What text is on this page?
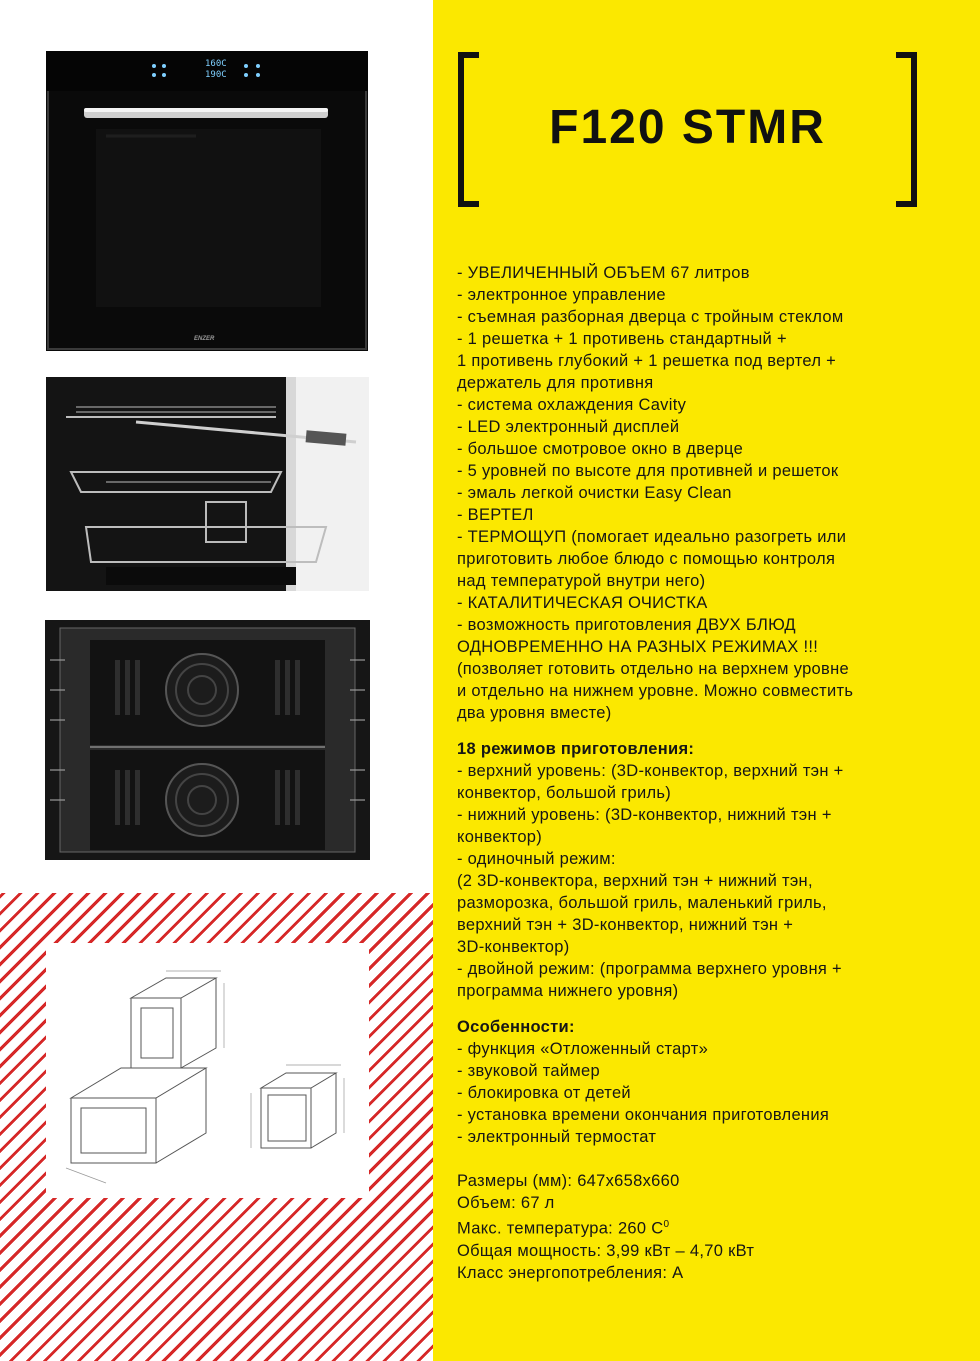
160C
190C
ENZER
F120 STMR
- УВЕЛИЧЕННЫЙ ОБЪЕМ 67 литров
- электронное управление
- съемная разборная дверца с тройным стеклом
- 1 решетка + 1 противень стандартный +
1 противень глубокий + 1 решетка под вертел +
держатель для противня
- система охлаждения Cavity
- LED электронный дисплей
- большое смотровое окно в дверце
- 5 уровней по высоте для противней и решеток
- эмаль легкой очистки Easy Clean
- ВЕРТЕЛ
- ТЕРМОЩУП (помогает идеально разогреть или
приготовить любое блюдо с помощью контроля
над температурой внутри него)
- КАТАЛИТИЧЕСКАЯ ОЧИСТКА
- возможность приготовления ДВУХ БЛЮД
ОДНОВРЕМЕННО НА РАЗНЫХ РЕЖИМАХ !!!
(позволяет готовить отдельно на верхнем уровне
и отдельно на нижнем уровне. Можно совместить
два уровня вместе)
18 режимов приготовления:
- верхний уровень: (3D-конвектор, верхний тэн +
конвектор, большой гриль)
- нижний уровень: (3D-конвектор, нижний тэн +
конвектор)
- одиночный режим:
(2 3D-конвектора, верхний тэн + нижний тэн,
разморозка, большой гриль, маленький гриль,
верхний тэн + 3D-конвектор, нижний тэн +
3D-конвектор)
- двойной режим: (программа верхнего уровня +
программа нижнего уровня)
Особенности:
- функция «Отложенный старт»
- звуковой таймер
- блокировка от детей
- установка времени окончания приготовления
- электронный термостат
Размеры (мм): 647x658x660
Объем: 67 л
Макс. температура: 260 $С^0$
Общая мощность: 3,99 кВт – 4,70 кВт
Класс энергопотребления: А
